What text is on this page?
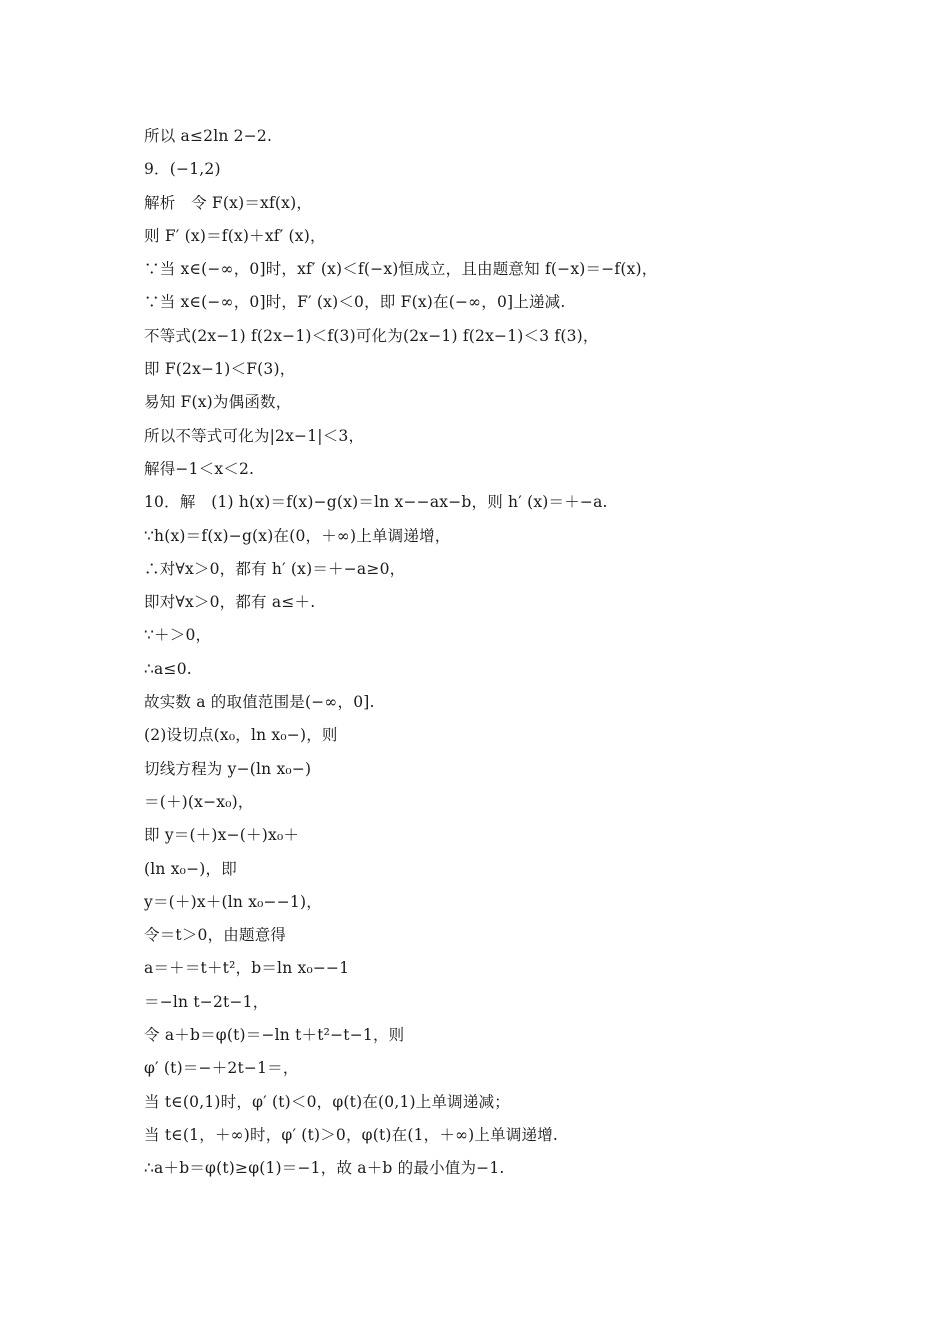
所以 a≤2ln 2−2.
9．(−1,2)
解析　令 F(x)＝xf(x)，
则 F′ (x)＝f(x)＋xf′ (x)，
∵当 x∈(−∞，0]时，xf′ (x)＜f(−x)恒成立，且由题意知 f(−x)＝−f(x)，
∵当 x∈(−∞，0]时，F′ (x)＜0，即 F(x)在(−∞，0]上递减.
不等式(2x−1) f(2x−1)＜f(3)可化为(2x−1) f(2x−1)＜3 f(3)，
即 F(2x−1)＜F(3)，
易知 F(x)为偶函数，
所以不等式可化为|2x−1|＜3，
解得−1＜x＜2.
10．解　(1) h(x)＝f(x)−g(x)＝ln x−−ax−b，则 h′ (x)＝＋−a.
∵h(x)＝f(x)−g(x)在(0，＋∞)上单调递增，
∴对∀x＞0，都有 h′ (x)＝＋−a≥0，
即对∀x＞0，都有 a≤＋.
∵＋＞0，
∴a≤0.
故实数 a 的取值范围是(−∞，0].
(2)设切点(x₀，ln x₀−)，则
切线方程为 y−(ln x₀−)
＝(＋)(x−x₀)，
即 y＝(＋)x−(＋)x₀＋
(ln x₀−)，即
y＝(＋)x＋(ln x₀−−1)，
令＝t＞0，由题意得
a＝＋＝t＋t²，b＝ln x₀−−1
＝−ln t−2t−1，
令 a＋b＝φ(t)＝−ln t＋t²−t−1，则
φ′ (t)＝−＋2t−1＝，
当 t∈(0,1)时，φ′ (t)＜0，φ(t)在(0,1)上单调递减；
当 t∈(1，＋∞)时，φ′ (t)＞0，φ(t)在(1，＋∞)上单调递增.
∴a＋b＝φ(t)≥φ(1)＝−1，故 a＋b 的最小值为−1.
